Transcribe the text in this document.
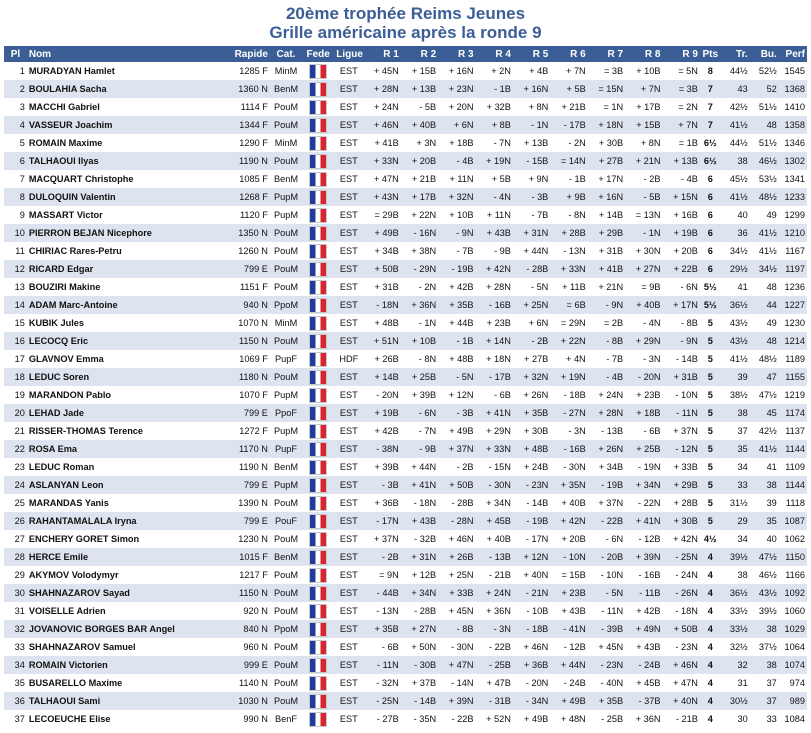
20ème trophée Reims Jeunes
Grille américaine après la ronde 9
Pl	Nom	Rapide	Cat.	Fede	Ligue	R 1	R 2	R 3	R 4	R 5	R 6	R 7	R 8	R 9	Pts	Tr.	Bu.	Perf
1	MURADYAN Hamlet	1285 F	MinM		EST	+ 45N	+ 15B	+ 16N	+ 2N	+ 4B	+ 7N	= 3B	+ 10B	= 5N	8	44½	52½	1545
2	BOULAHIA Sacha	1360 N	BenM		EST	+ 28N	+ 13B	+ 23N	- 1B	+ 16N	+ 5B	= 15N	+ 7N	= 3B	7	43	52	1368
3	MACCHI Gabriel	1114 F	PouM		EST	+ 24N	- 5B	+ 20N	+ 32B	+ 8N	+ 21B	= 1N	+ 17B	= 2N	7	42½	51½	1410
4	VASSEUR Joachim	1344 F	PouM		EST	+ 46N	+ 40B	+ 6N	+ 8B	- 1N	- 17B	+ 18N	+ 15B	+ 7N	7	41½	48	1358
5	ROMAIN Maxime	1290 F	MinM		EST	+ 41B	+ 3N	+ 18B	- 7N	+ 13B	- 2N	+ 30B	+ 8N	= 1B	6½	44½	51½	1346
6	TALHAOUI Ilyas	1190 N	PouM		EST	+ 33N	+ 20B	- 4B	+ 19N	- 15B	= 14N	+ 27B	+ 21N	+ 13B	6½	38	46½	1302
7	MACQUART Christophe	1085 F	BenM		EST	+ 47N	+ 21B	+ 11N	+ 5B	+ 9N	- 1B	+ 17N	- 2B	- 4B	6	45½	53½	1341
8	DULOQUIN Valentin	1268 F	PupM		EST	+ 43N	+ 17B	+ 32N	- 4N	- 3B	+ 9B	+ 16N	- 5B	+ 15N	6	41½	48½	1233
9	MASSART Victor	1120 F	PupM		EST	= 29B	+ 22N	+ 10B	+ 11N	- 7B	- 8N	+ 14B	= 13N	+ 16B	6	40	49	1299
10	PIERRON BEJAN Nicephore	1350 N	PouM		EST	+ 49B	- 16N	- 9N	+ 43B	+ 31N	+ 28B	+ 29B	- 1N	+ 19B	6	36	41½	1210
11	CHIRIAC Rares-Petru	1260 N	PouM		EST	+ 34B	+ 38N	- 7B	- 9B	+ 44N	- 13N	+ 31B	+ 30N	+ 20B	6	34½	41½	1167
12	RICARD Edgar	799 E	PouM		EST	+ 50B	- 29N	- 19B	+ 42N	- 28B	+ 33N	+ 41B	+ 27N	+ 22B	6	29½	34½	1197
13	BOUZIRI Makine	1151 F	PouM		EST	+ 31B	- 2N	+ 42B	+ 28N	- 5N	+ 11B	+ 21N	= 9B	- 6N	5½	41	48	1236
14	ADAM Marc-Antoine	940 N	PpoM		EST	- 18N	+ 36N	+ 35B	- 16B	+ 25N	= 6B	- 9N	+ 40B	+ 17N	5½	36½	44	1227
15	KUBIK Jules	1070 N	MinM		EST	+ 48B	- 1N	+ 44B	+ 23B	+ 6N	= 29N	= 2B	- 4N	- 8B	5	43½	49	1230
16	LECOCQ Eric	1150 N	PouM		EST	+ 51N	+ 10B	- 1B	+ 14N	- 2B	+ 22N	- 8B	+ 29N	- 9N	5	43½	48	1214
17	GLAVNOV Emma	1069 F	PupF		HDF	+ 26B	- 8N	+ 48B	+ 18N	+ 27B	+ 4N	- 7B	- 3N	- 14B	5	41½	48½	1189
18	LEDUC Soren	1180 N	PouM		EST	+ 14B	+ 25B	- 5N	- 17B	+ 32N	+ 19N	- 4B	- 20N	+ 31B	5	39	47	1155
19	MARANDON Pablo	1070 F	PupM		EST	- 20N	+ 39B	+ 12N	- 6B	+ 26N	- 18B	+ 24N	+ 23B	- 10N	5	38½	47½	1219
20	LEHAD Jade	799 E	PpoF		EST	+ 19B	- 6N	- 3B	+ 41N	+ 35B	- 27N	+ 28N	+ 18B	- 11N	5	38	45	1174
21	RISSER-THOMAS Terence	1272 F	PupM		EST	+ 42B	- 7N	+ 49B	+ 29N	+ 30B	- 3N	- 13B	- 6B	+ 37N	5	37	42½	1137
22	ROSA Ema	1170 N	PupF		EST	- 38N	- 9B	+ 37N	+ 33N	+ 48B	- 16B	+ 26N	+ 25B	- 12N	5	35	41½	1144
23	LEDUC Roman	1190 N	BenM		EST	+ 39B	+ 44N	- 2B	- 15N	+ 24B	- 30N	+ 34B	- 19N	+ 33B	5	34	41	1109
24	ASLANYAN Leon	799 E	PupM		EST	- 3B	+ 41N	+ 50B	- 30N	- 23N	+ 35N	- 19B	+ 34N	+ 29B	5	33	38	1144
25	MARANDAS Yanis	1390 N	PouM		EST	+ 36B	- 18N	- 28B	+ 34N	- 14B	+ 40B	+ 37N	- 22N	+ 28B	5	31½	39	1118
26	RAHANTAMALALA Iryna	799 E	PouF		EST	- 17N	+ 43B	- 28N	+ 45B	- 19B	+ 42N	- 22B	+ 41N	+ 30B	5	29	35	1087
27	ENCHERY GORET Simon	1230 N	PouM		EST	+ 37N	- 32B	+ 46N	+ 40B	- 17N	+ 20B	- 6N	- 12B	+ 42N	4½	34	40	1062
28	HERCE Emile	1015 F	BenM		EST	- 2B	+ 31N	+ 26B	- 13B	+ 12N	- 10N	- 20B	+ 39N	- 25N	4	39½	47½	1150
29	AKYMOV Volodymyr	1217 F	PouM		EST	= 9N	+ 12B	+ 25N	- 21B	+ 40N	= 15B	- 10N	- 16B	- 24N	4	38	46½	1166
30	SHAHNAZAROV Sayad	1150 N	PouM		EST	- 44B	+ 34N	+ 33B	+ 24N	- 21N	+ 23B	- 5N	- 11B	- 26N	4	36½	43½	1092
31	VOISELLE Adrien	920 N	PouM		EST	- 13N	- 28B	+ 45N	+ 36N	- 10B	+ 43B	- 11N	+ 42B	- 18N	4	33½	39½	1060
32	JOVANOVIC BORGES BAR Angel	840 N	PpoM		EST	+ 35B	+ 27N	- 8B	- 3N	- 18B	- 41N	- 39B	+ 49N	+ 50B	4	33½	38	1029
33	SHAHNAZAROV Samuel	960 N	PouM		EST	- 6B	+ 50N	- 30N	- 22B	+ 46N	- 12B	+ 45N	+ 43B	- 23N	4	32½	37½	1064
34	ROMAIN Victorien	999 E	PouM		EST	- 11N	- 30B	+ 47N	- 25B	+ 36B	+ 44N	- 23N	- 24B	+ 46N	4	32	38	1074
35	BUSARELLO Maxime	1140 N	PouM		EST	- 32N	+ 37B	- 14N	+ 47B	- 20N	- 24B	- 40N	+ 45B	+ 47N	4	31	37	974
36	TALHAOUI Sami	1030 N	PouM		EST	- 25N	- 14B	+ 39N	- 31B	- 34N	+ 49B	+ 35B	- 37B	+ 40N	4	30½	37	989
37	LECOEUCHE Elise	990 N	BenF		EST	- 27B	- 35N	- 22B	+ 52N	+ 49B	+ 48N	- 25B	+ 36N	- 21B	4	30	33	1084
